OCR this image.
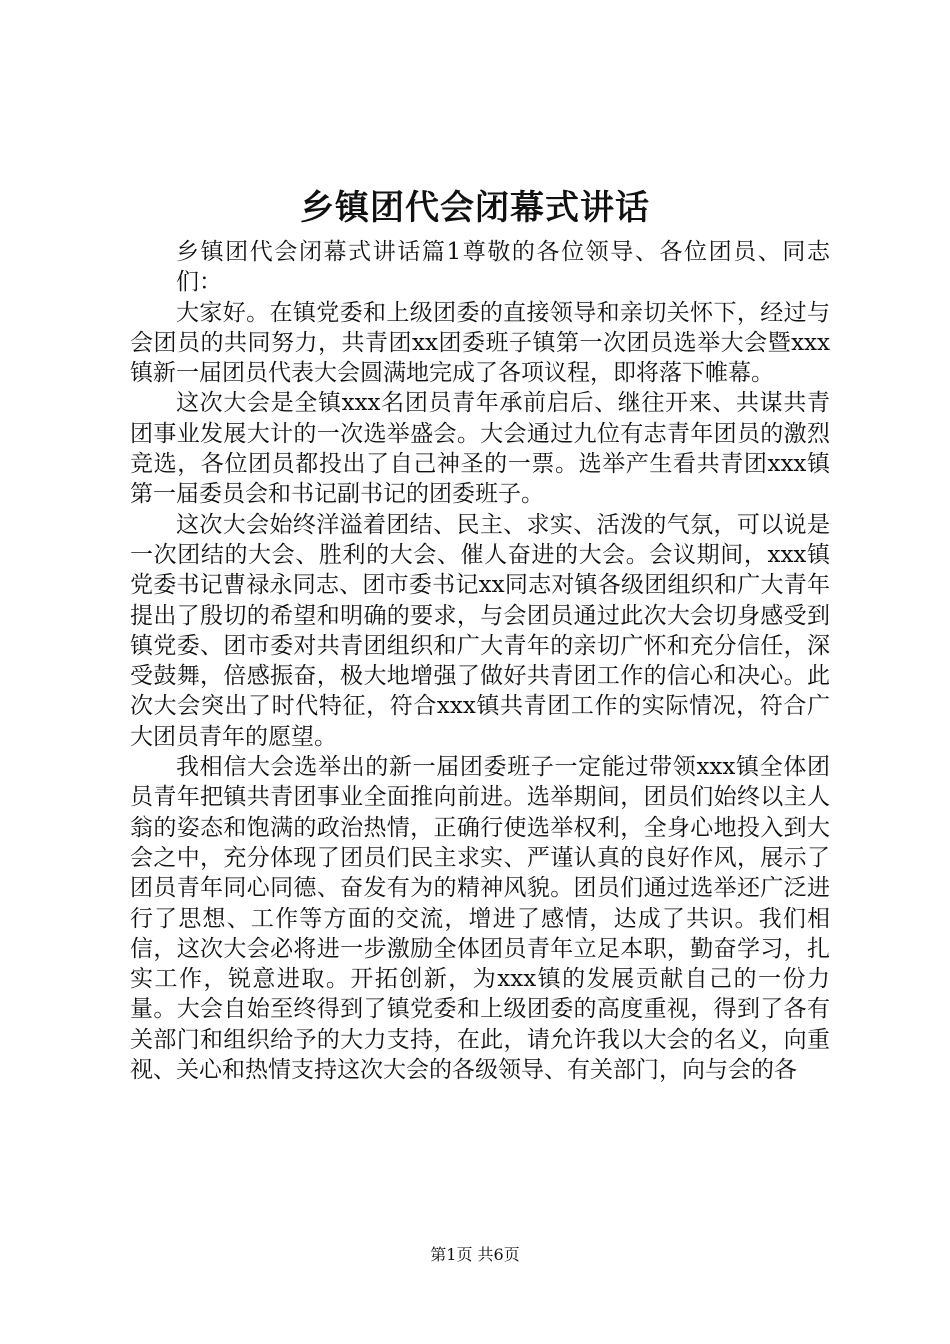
乡镇团代会闭幕式讲话

乡镇团代会闭幕式讲话篇1尊敬的各位领导、各位团员、同志们：

大家好。在镇党委和上级团委的直接领导和亲切关怀下，经过与会团员的共同努力，共青团xx团委班子镇第一次团员选举大会暨xxx镇新一届团员代表大会圆满地完成了各项议程，即将落下帷幕。

这次大会是全镇xxx名团员青年承前启后、继往开来、共谋共青团事业发展大计的一次选举盛会。大会通过九位有志青年团员的激烈竞选，各位团员都投出了自己神圣的一票。选举产生看共青团xxx镇第一届委员会和书记副书记的团委班子。

这次大会始终洋溢着团结、民主、求实、活泼的气氛，可以说是一次团结的大会、胜利的大会、催人奋进的大会。会议期间，xxx镇党委书记曹禄永同志、团市委书记xx同志对镇各级团组织和广大青年提出了殷切的希望和明确的要求，与会团员通过此次大会切身感受到镇党委、团市委对共青团组织和广大青年的亲切广怀和充分信任，深受鼓舞，倍感振奋，极大地增强了做好共青团工作的信心和决心。此次大会突出了时代特征，符合xxx镇共青团工作的实际情况，符合广大团员青年的愿望。

我相信大会选举出的新一届团委班子一定能过带领xxx镇全体团员青年把镇共青团事业全面推向前进。选举期间，团员们始终以主人翁的姿态和饱满的政治热情，正确行使选举权利，全身心地投入到大会之中，充分体现了团员们民主求实、严谨认真的良好作风，展示了团员青年同心同德、奋发有为的精神风貌。团员们通过选举还广泛进行了思想、工作等方面的交流，增进了感情，达成了共识。我们相信，这次大会必将进一步激励全体团员青年立足本职，勤奋学习，扎实工作，锐意进取。开拓创新，为xxx镇的发展贡献自己的一份力量。大会自始至终得到了镇党委和上级团委的高度重视，得到了各有关部门和组织给予的大力支持，在此，请允许我以大会的名义，向重视、关心和热情支持这次大会的各级领导、有关部门，向与会的各

第1页 共6页
